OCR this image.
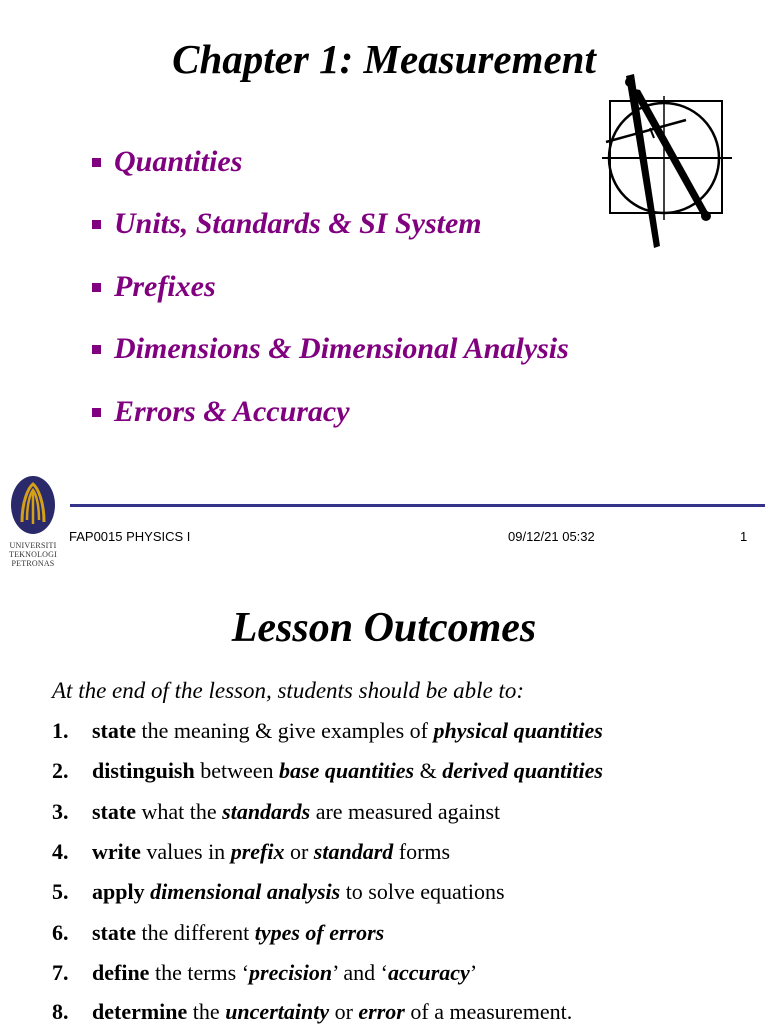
Chapter 1: Measurement
Quantities
Units, Standards & SI System
Prefixes
Dimensions & Dimensional Analysis
Errors & Accuracy
UNIVERSITI
TEKNOLOGI
PETRONAS
FAP0015 PHYSICS I	09/12/21 05:32	1
Lesson Outcomes
At the end of the lesson, students should be able to:
1. state the meaning & give examples of physical quantities
2. distinguish between base quantities & derived quantities
3. state what the standards are measured against
4. write values in prefix or standard forms
5. apply dimensional analysis to solve equations
6. state the different types of errors
7. define the terms ‘precision’ and ‘accuracy’
8. determine the uncertainty or error of a measurement.
